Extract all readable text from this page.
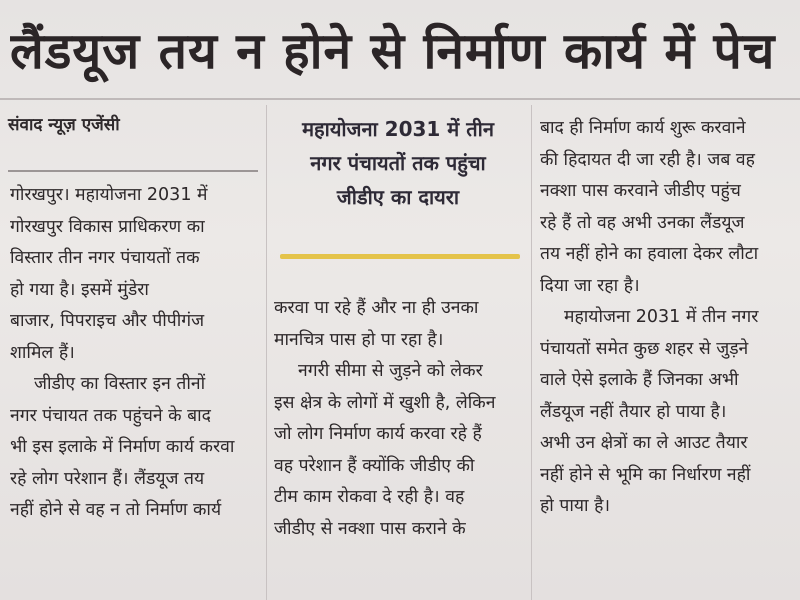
लैंडयूज तय न होने से निर्माण कार्य में पेच
संवाद न्यूज़ एजेंसी
गोरखपुर। महायोजना 2031 में
गोरखपुर विकास प्राधिकरण का
विस्तार तीन नगर पंचायतों तक
हो गया है। इसमें मुंडेरा
बाजार, पिपराइच और पीपीगंज
शामिल हैं।
जीडीए का विस्तार इन तीनों
नगर पंचायत तक पहुंचने के बाद
भी इस इलाके में निर्माण कार्य करवा
रहे लोग परेशान हैं। लैंडयूज तय
नहीं होने से वह न तो निर्माण कार्य
महायोजना 2031 में तीन
नगर पंचायतों तक पहुंचा
जीडीए का दायरा
करवा पा रहे हैं और ना ही उनका
मानचित्र पास हो पा रहा है।
नगरी सीमा से जुड़ने को लेकर
इस क्षेत्र के लोगों में खुशी है, लेकिन
जो लोग निर्माण कार्य करवा रहे हैं
वह परेशान हैं क्योंकि जीडीए की
टीम काम रोकवा दे रही है। वह
जीडीए से नक्शा पास कराने के
बाद ही निर्माण कार्य शुरू करवाने
की हिदायत दी जा रही है। जब वह
नक्शा पास करवाने जीडीए पहुंच
रहे हैं तो वह अभी उनका लैंडयूज
तय नहीं होने का हवाला देकर लौटा
दिया जा रहा है।
महायोजना 2031 में तीन नगर
पंचायतों समेत कुछ शहर से जुड़ने
वाले ऐसे इलाके हैं जिनका अभी
लैंडयूज नहीं तैयार हो पाया है।
अभी उन क्षेत्रों का ले आउट तैयार
नहीं होने से भूमि का निर्धारण नहीं
हो पाया है।
